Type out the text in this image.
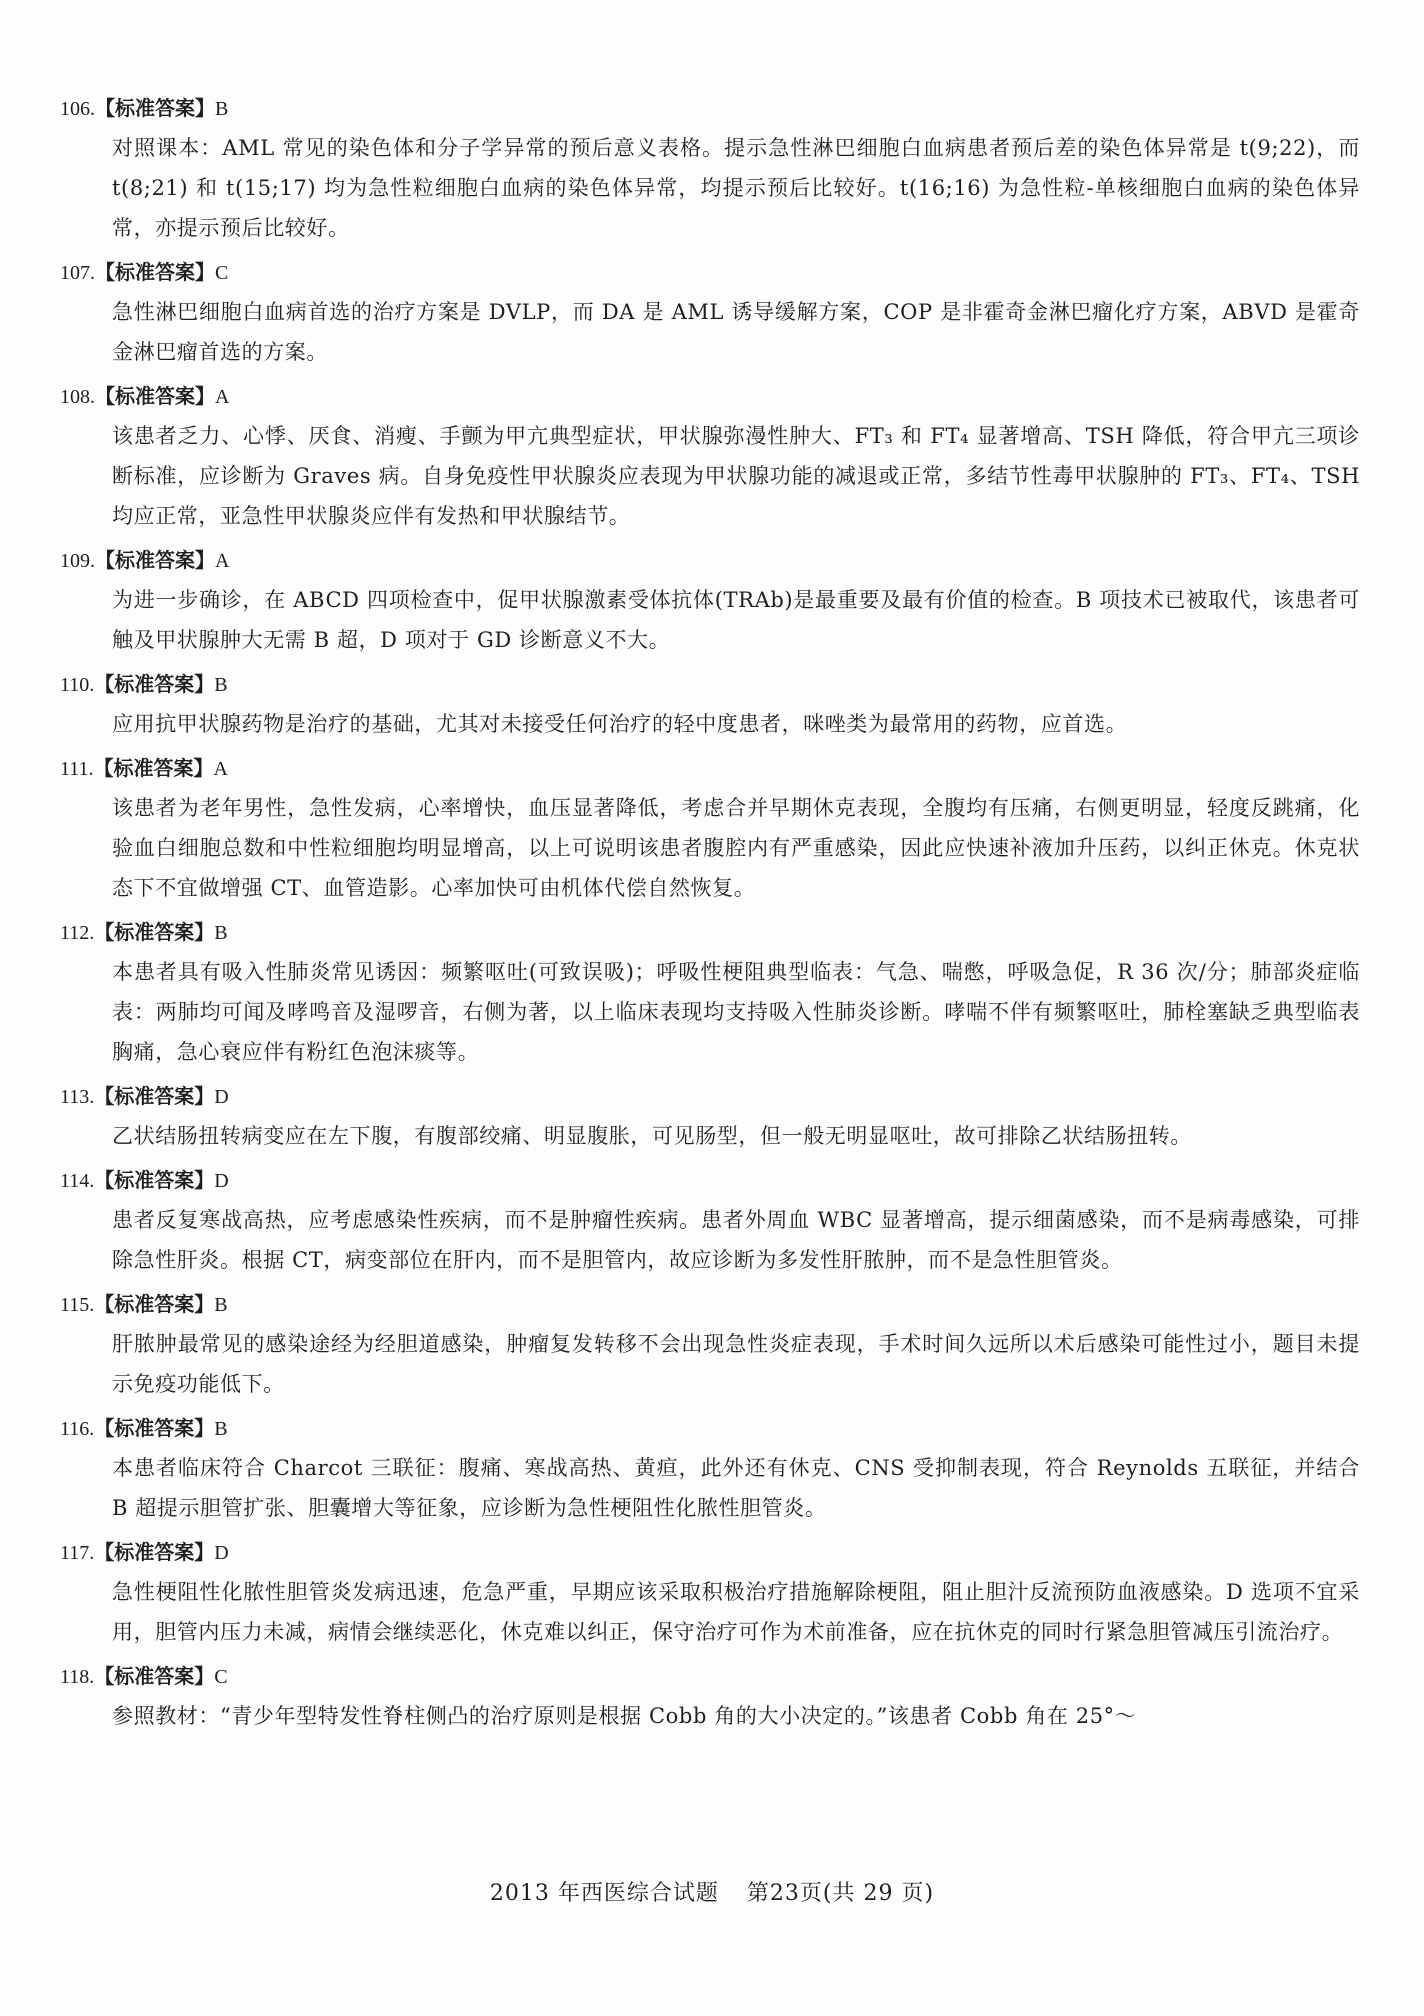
106.【标准答案】B
对照课本：AML 常见的染色体和分子学异常的预后意义表格。提示急性淋巴细胞白血病患者预后差的染色体异常是 t(9;22)，而 t(8;21) 和 t(15;17) 均为急性粒细胞白血病的染色体异常，均提示预后比较好。t(16;16) 为急性粒-单核细胞白血病的染色体异常，亦提示预后比较好。
107.【标准答案】C
急性淋巴细胞白血病首选的治疗方案是 DVLP，而 DA 是 AML 诱导缓解方案，COP 是非霍奇金淋巴瘤化疗方案，ABVD 是霍奇金淋巴瘤首选的方案。
108.【标准答案】A
该患者乏力、心悸、厌食、消瘦、手颤为甲亢典型症状，甲状腺弥漫性肿大、FT₃ 和 FT₄ 显著增高、TSH 降低，符合甲亢三项诊断标准，应诊断为 Graves 病。自身免疫性甲状腺炎应表现为甲状腺功能的减退或正常，多结节性毒甲状腺肿的 FT₃、FT₄、TSH 均应正常，亚急性甲状腺炎应伴有发热和甲状腺结节。
109.【标准答案】A
为进一步确诊，在 ABCD 四项检查中，促甲状腺激素受体抗体(TRAb)是最重要及最有价值的检查。B 项技术已被取代，该患者可触及甲状腺肿大无需 B 超，D 项对于 GD 诊断意义不大。
110.【标准答案】B
应用抗甲状腺药物是治疗的基础，尤其对未接受任何治疗的轻中度患者，咪唑类为最常用的药物，应首选。
111.【标准答案】A
该患者为老年男性，急性发病，心率增快，血压显著降低，考虑合并早期休克表现，全腹均有压痛，右侧更明显，轻度反跳痛，化验血白细胞总数和中性粒细胞均明显增高，以上可说明该患者腹腔内有严重感染，因此应快速补液加升压药，以纠正休克。休克状态下不宜做增强 CT、血管造影。心率加快可由机体代偿自然恢复。
112.【标准答案】B
本患者具有吸入性肺炎常见诱因：频繁呕吐(可致误吸)；呼吸性梗阻典型临表：气急、喘憋，呼吸急促，R 36 次/分；肺部炎症临表：两肺均可闻及哮鸣音及湿啰音，右侧为著，以上临床表现均支持吸入性肺炎诊断。哮喘不伴有频繁呕吐，肺栓塞缺乏典型临表胸痛，急心衰应伴有粉红色泡沫痰等。
113.【标准答案】D
乙状结肠扭转病变应在左下腹，有腹部绞痛、明显腹胀，可见肠型，但一般无明显呕吐，故可排除乙状结肠扭转。
114.【标准答案】D
患者反复寒战高热，应考虑感染性疾病，而不是肿瘤性疾病。患者外周血 WBC 显著增高，提示细菌感染，而不是病毒感染，可排除急性肝炎。根据 CT，病变部位在肝内，而不是胆管内，故应诊断为多发性肝脓肿，而不是急性胆管炎。
115.【标准答案】B
肝脓肿最常见的感染途经为经胆道感染，肿瘤复发转移不会出现急性炎症表现，手术时间久远所以术后感染可能性过小，题目未提示免疫功能低下。
116.【标准答案】B
本患者临床符合 Charcot 三联征：腹痛、寒战高热、黄疸，此外还有休克、CNS 受抑制表现，符合 Reynolds 五联征，并结合 B 超提示胆管扩张、胆囊增大等征象，应诊断为急性梗阻性化脓性胆管炎。
117.【标准答案】D
急性梗阻性化脓性胆管炎发病迅速，危急严重，早期应该采取积极治疗措施解除梗阻，阻止胆汁反流预防血液感染。D 选项不宜采用，胆管内压力未减，病情会继续恶化，休克难以纠正，保守治疗可作为术前准备，应在抗休克的同时行紧急胆管减压引流治疗。
118.【标准答案】C
参照教材：“青少年型特发性脊柱侧凸的治疗原则是根据 Cobb 角的大小决定的。”该患者 Cobb 角在 25°～
2013 年西医综合试题 第23页(共 29 页)
